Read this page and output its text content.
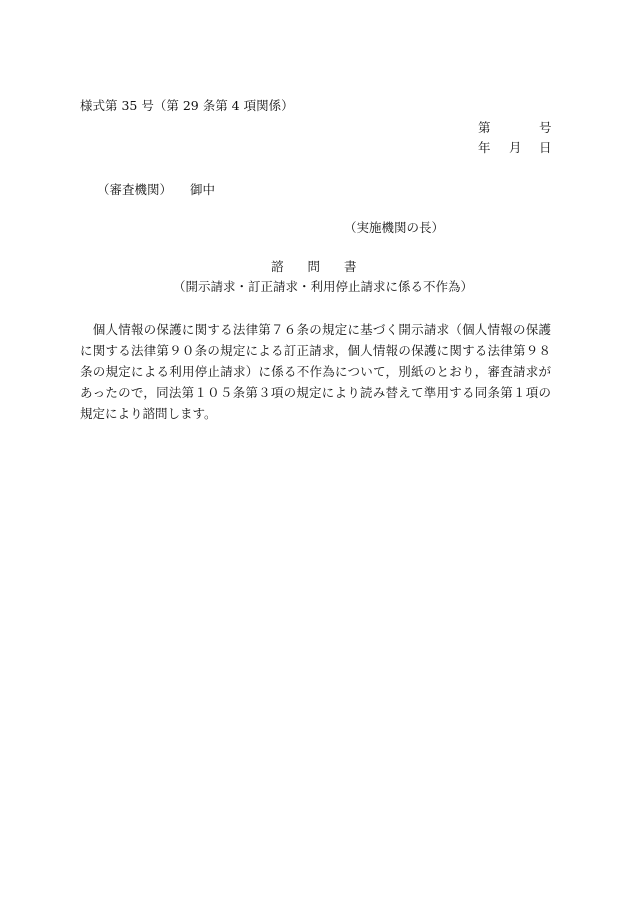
様式第 35 号（第 29 条第 4 項関係）
第	号
年 月 日
（審査機関） 御中
（実施機関の長）
諮 問 書
（開示請求・訂正請求・利用停止請求に係る不作為）
　個人情報の保護に関する法律第７６条の規定に基づく開示請求（個人情報の保護に関する法律第９０条の規定による訂正請求，個人情報の保護に関する法律第９８条の規定による利用停止請求）に係る不作為について，別紙のとおり，審査請求があったので，同法第１０５条第３項の規定により読み替えて準用する同条第１項の規定により諮問します。
